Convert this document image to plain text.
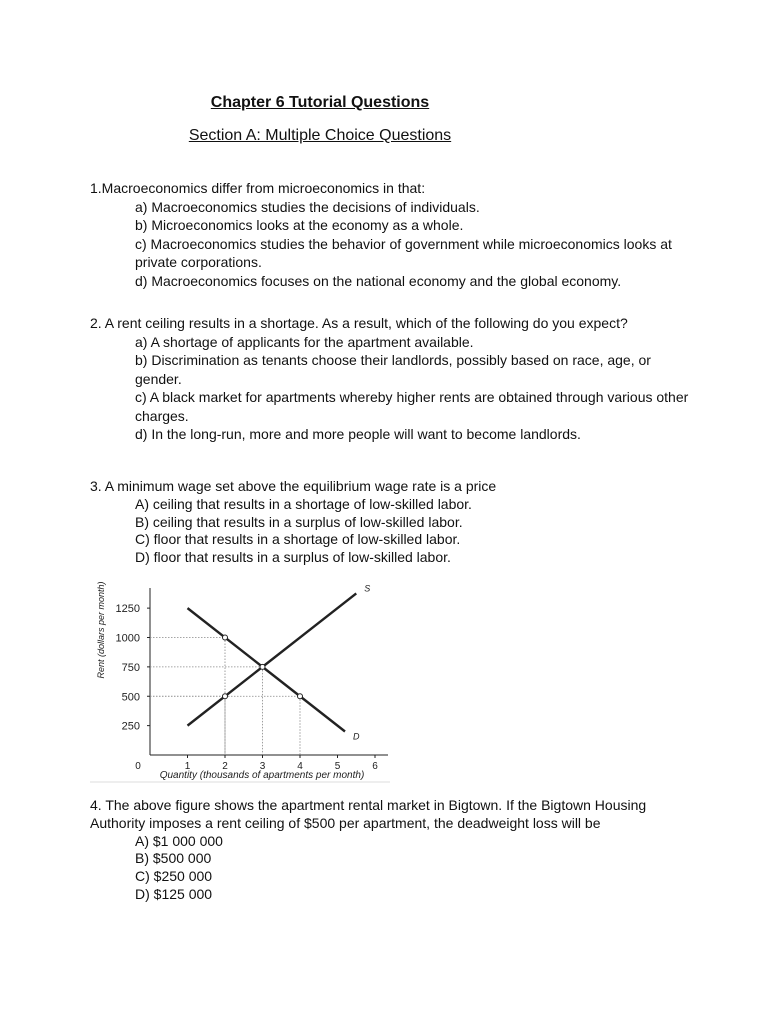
Chapter 6 Tutorial Questions
Section A: Multiple Choice Questions
1.Macroeconomics differ from microeconomics in that:
a) Macroeconomics studies the decisions of individuals.
b) Microeconomics looks at the economy as a whole.
c) Macroeconomics studies the behavior of government while microeconomics looks at private corporations.
d) Macroeconomics focuses on the national economy and the global economy.
2. A rent ceiling results in a shortage. As a result, which of the following do you expect?
a) A shortage of applicants for the apartment available.
b) Discrimination as tenants choose their landlords, possibly based on race, age, or gender.
c) A black market for apartments whereby higher rents are obtained through various other charges.
d) In the long-run, more and more people will want to become landlords.
3. A minimum wage set above the equilibrium wage rate is a price
A) ceiling that results in a shortage of low-skilled labor.
B) ceiling that results in a surplus of low-skilled labor.
C) floor that results in a shortage of low-skilled labor.
D) floor that results in a surplus of low-skilled labor.
250
500
750
1000
1250
0	1	2	3	4	5	6
S
D
Quantity (thousands of apartments per month)
Rent (dollars per month)
4. The above figure shows the apartment rental market in Bigtown. If the Bigtown Housing
Authority imposes a rent ceiling of $500 per apartment, the deadweight loss will be
A) $1 000 000
B) $500 000
C) $250 000
D) $125 000
